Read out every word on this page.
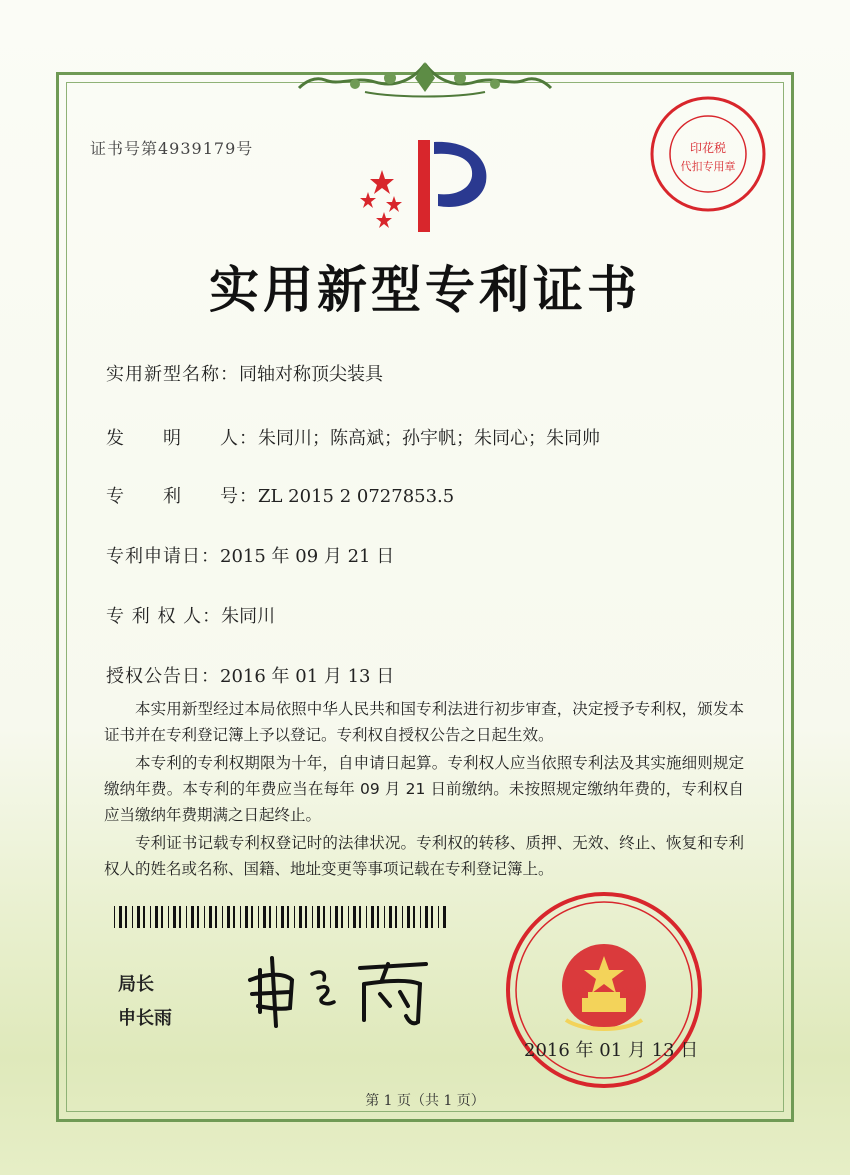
证书号第4939179号	印花税
代扣专用章
实用新型专利证书
实用新型名称：同轴对称顶尖装具
发　　明　　人：朱同川；陈高斌；孙宇帆；朱同心；朱同帅
专　　利　　号：ZL 2015 2 0727853.5
专利申请日：2015 年 09 月 21 日
专 利 权 人：朱同川
授权公告日：2016 年 01 月 13 日

本实用新型经过本局依照中华人民共和国专利法进行初步审查，决定授予专利权，颁发本证书并在专利登记簿上予以登记。专利权自授权公告之日起生效。

本专利的专利权期限为十年，自申请日起算。专利权人应当依照专利法及其实施细则规定缴纳年费。本专利的年费应当在每年 09 月 21 日前缴纳。未按照规定缴纳年费的，专利权自应当缴纳年费期满之日起终止。

专利证书记载专利权登记时的法律状况。专利权的转移、质押、无效、终止、恢复和专利权人的姓名或名称、国籍、地址变更等事项记载在专利登记簿上。

局长
申长雨
2016 年 01 月 13 日
第 1 页（共 1 页）
